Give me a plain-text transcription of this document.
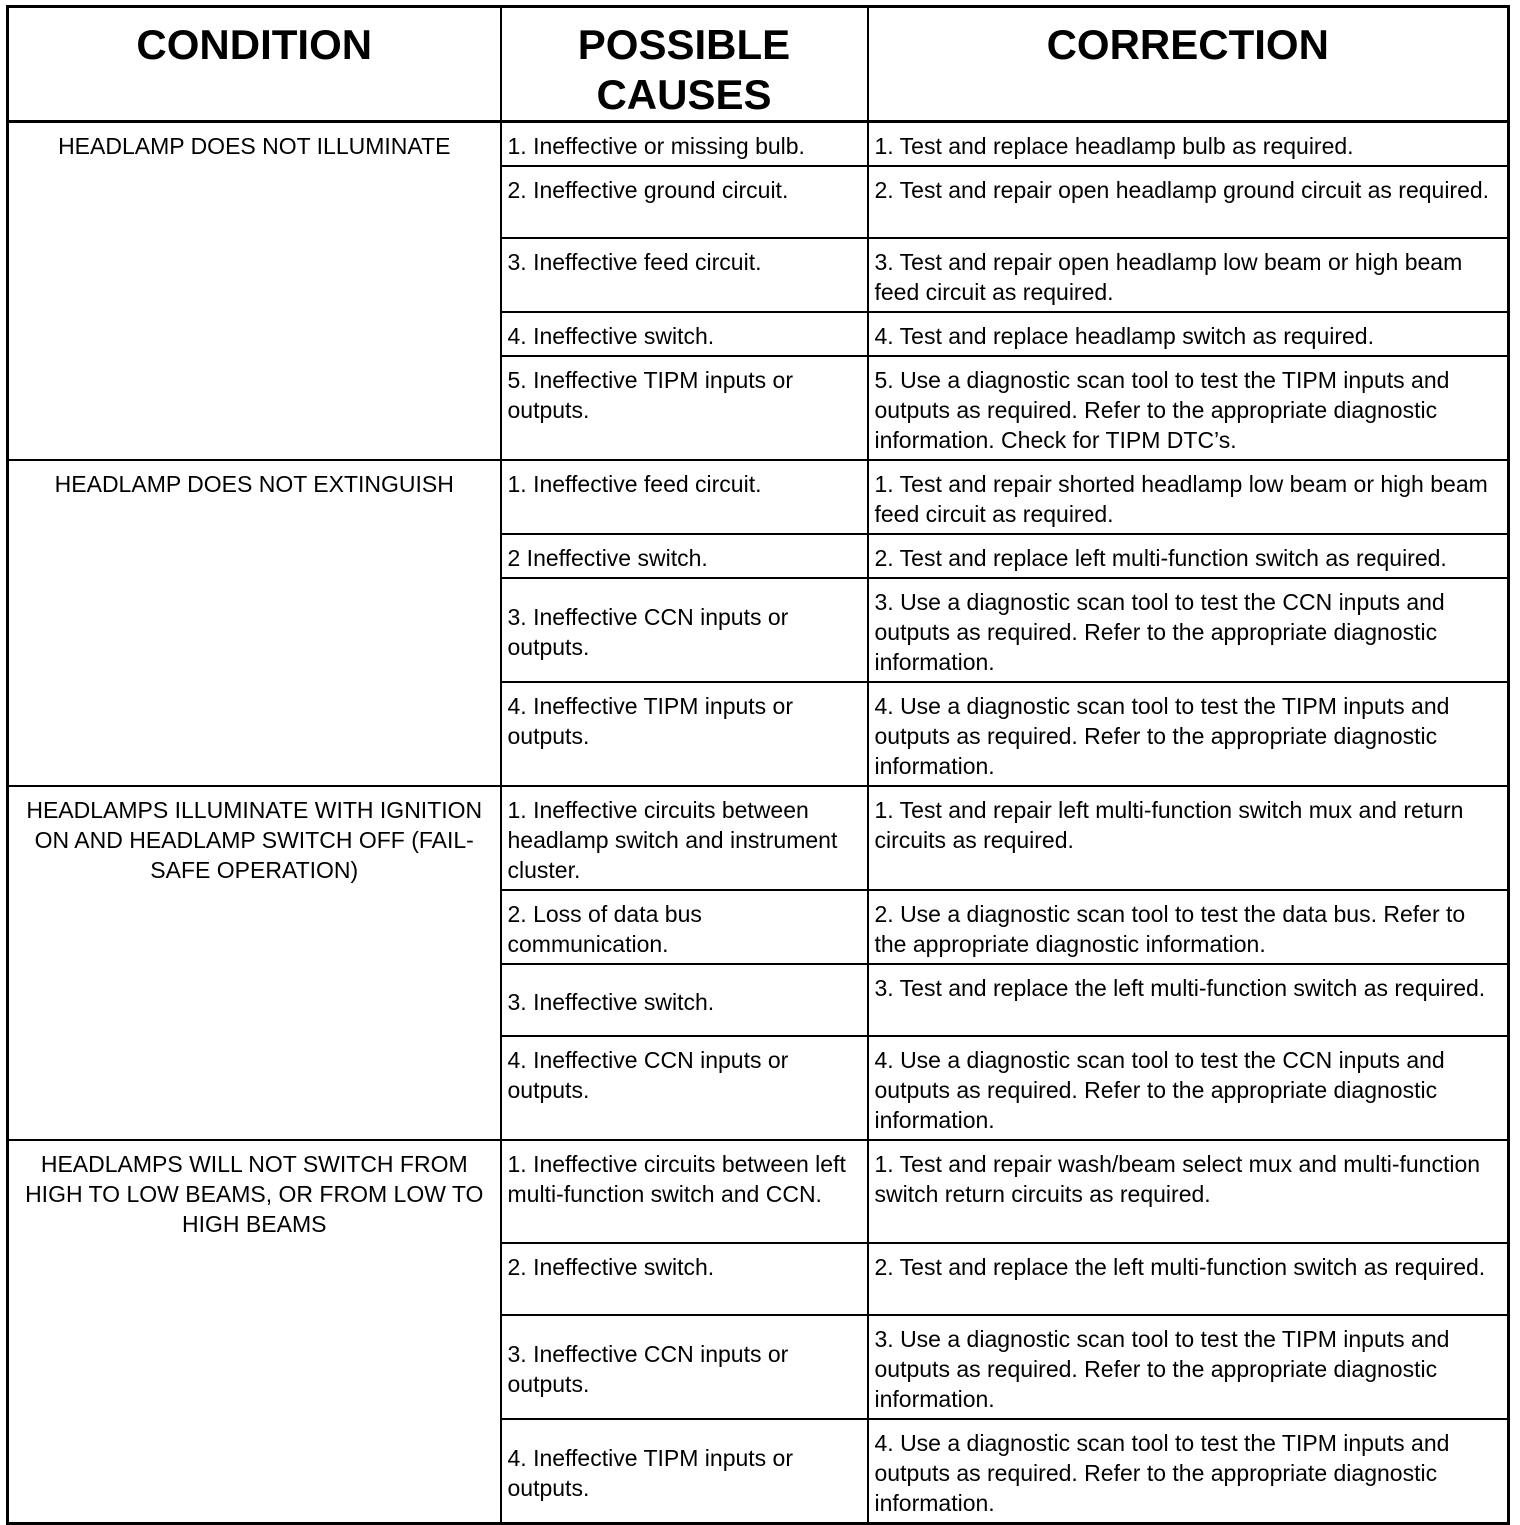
CONDITION	POSSIBLE CAUSES	CORRECTION
HEADLAMP DOES NOT ILLUMINATE	1. Ineffective or missing bulb.	1. Test and replace headlamp bulb as required.
	2. Ineffective ground circuit.	2. Test and repair open headlamp ground circuit as required.
	3. Ineffective feed circuit.	3. Test and repair open headlamp low beam or high beam feed circuit as required.
	4. Ineffective switch.	4. Test and replace headlamp switch as required.
	5. Ineffective TIPM inputs or outputs.	5. Use a diagnostic scan tool to test the TIPM inputs and outputs as required. Refer to the appropriate diagnostic information. Check for TIPM DTC’s.
HEADLAMP DOES NOT EXTINGUISH	1. Ineffective feed circuit.	1. Test and repair shorted headlamp low beam or high beam feed circuit as required.
	2 Ineffective switch.	2. Test and replace left multi-function switch as required.
	3. Ineffective CCN inputs or outputs.	3. Use a diagnostic scan tool to test the CCN inputs and outputs as required. Refer to the appropriate diagnostic information.
	4. Ineffective TIPM inputs or outputs.	4. Use a diagnostic scan tool to test the TIPM inputs and outputs as required. Refer to the appropriate diagnostic information.
HEADLAMPS ILLUMINATE WITH IGNITION ON AND HEADLAMP SWITCH OFF (FAIL-SAFE OPERATION)	1. Ineffective circuits between headlamp switch and instrument cluster.	1. Test and repair left multi-function switch mux and return circuits as required.
	2. Loss of data bus communication.	2. Use a diagnostic scan tool to test the data bus. Refer to the appropriate diagnostic information.
	3. Ineffective switch.	3. Test and replace the left multi-function switch as required.
	4. Ineffective CCN inputs or outputs.	4. Use a diagnostic scan tool to test the CCN inputs and outputs as required. Refer to the appropriate diagnostic information.
HEADLAMPS WILL NOT SWITCH FROM HIGH TO LOW BEAMS, OR FROM LOW TO HIGH BEAMS	1. Ineffective circuits between left multi-function switch and CCN.	1. Test and repair wash/beam select mux and multi-function switch return circuits as required.
	2. Ineffective switch.	2. Test and replace the left multi-function switch as required.
	3. Ineffective CCN inputs or outputs.	3. Use a diagnostic scan tool to test the TIPM inputs and outputs as required. Refer to the appropriate diagnostic information.
	4. Ineffective TIPM inputs or outputs.	4. Use a diagnostic scan tool to test the TIPM inputs and outputs as required. Refer to the appropriate diagnostic information.
